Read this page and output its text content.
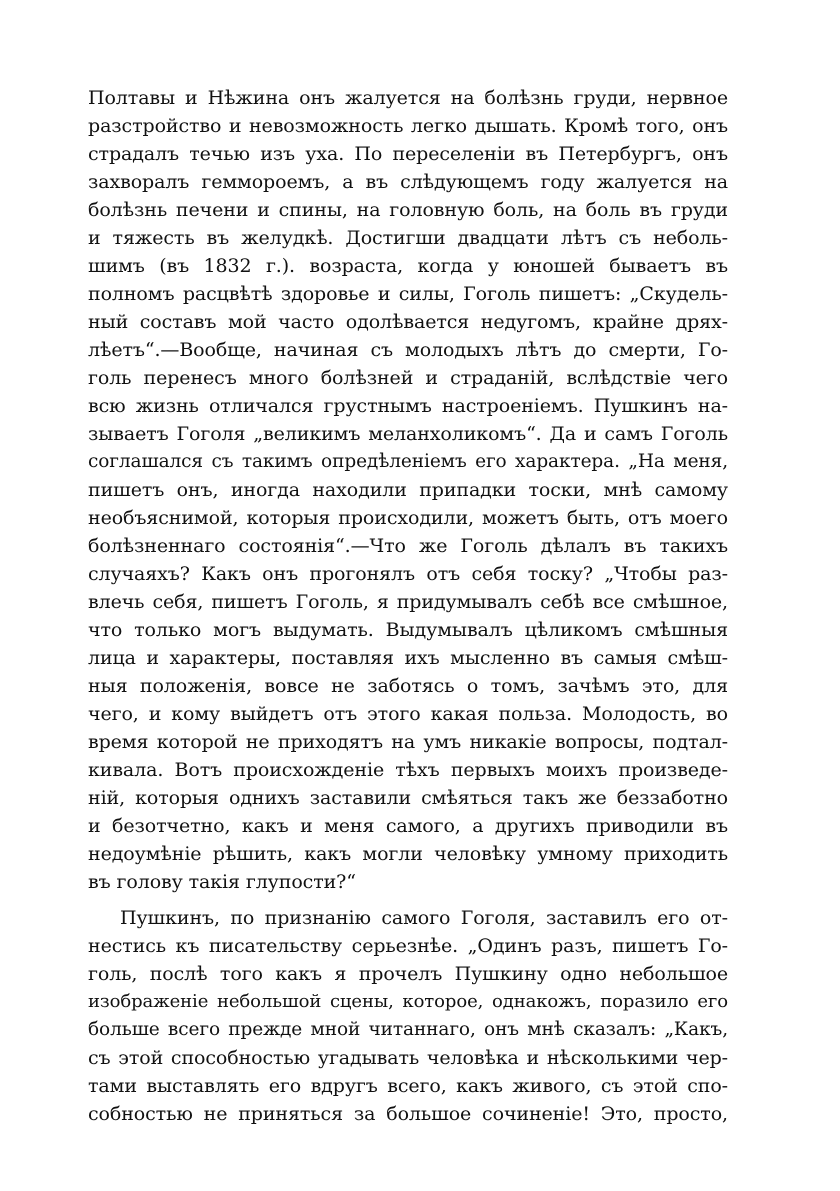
Полтавы и Нѣжина онъ жалуется на болѣзнь груди, нервное
разстройство и невозможность легко дышать. Кромѣ того, онъ
страдалъ течью изъ уха. По переселеніи въ Петербургъ, онъ
захворалъ геммороемъ, а въ слѣдующемъ году жалуется на
болѣзнь печени и спины, на головную боль, на боль въ груди
и тяжесть въ желудкѣ. Достигши двадцати лѣтъ съ неболь-
шимъ (въ 1832 г.). возраста, когда у юношей бываетъ въ
полномъ расцвѣтѣ здоровье и силы, Гоголь пишетъ: „Скудель-
ный составъ мой часто одолѣвается недугомъ, крайне дрях-
лѣетъ“.—Вообще, начиная съ молодыхъ лѣтъ до смерти, Го-
голь перенесъ много болѣзней и страданій, вслѣдствіе чего
всю жизнь отличался грустнымъ настроеніемъ. Пушкинъ на-
зываетъ Гоголя „великимъ меланхоликомъ“. Да и самъ Гоголь
соглашался съ такимъ опредѣленіемъ его характера. „На меня,
пишетъ онъ, иногда находили припадки тоски, мнѣ самому
необъяснимой, которыя происходили, можетъ быть, отъ моего
болѣзненнаго состоянія“.—Что же Гоголь дѣлалъ въ такихъ
случаяхъ? Какъ онъ прогонялъ отъ себя тоску? „Чтобы раз-
влечь себя, пишетъ Гоголь, я придумывалъ себѣ все смѣшное,
что только могъ выдумать. Выдумывалъ цѣликомъ смѣшныя
лица и характеры, поставляя ихъ мысленно въ самыя смѣш-
ныя положенія, вовсе не заботясь о томъ, зачѣмъ это, для
чего, и кому выйдетъ отъ этого какая польза. Молодость, во
время которой не приходятъ на умъ никакіе вопросы, подтал-
кивала. Вотъ происхожденіе тѣхъ первыхъ моихъ произведе-
ній, которыя однихъ заставили смѣяться такъ же беззаботно
и безотчетно, какъ и меня самого, а другихъ приводили въ
недоумѣніе рѣшить, какъ могли человѣку умному приходить
въ голову такія глупости?“
Пушкинъ, по признанію самого Гоголя, заставилъ его от-
нестись къ писательству серьезнѣе. „Одинъ разъ, пишетъ Го-
голь, послѣ того какъ я прочелъ Пушкину одно небольшое
изображеніе небольшой сцены, которое, однакожъ, поразило его
больше всего прежде мной читаннаго, онъ мнѣ сказалъ: „Какъ,
съ этой способностью угадывать человѣка и нѣсколькими чер-
тами выставлять его вдругъ всего, какъ живого, съ этой спо-
собностью не приняться за большое сочиненіе! Это, просто,
